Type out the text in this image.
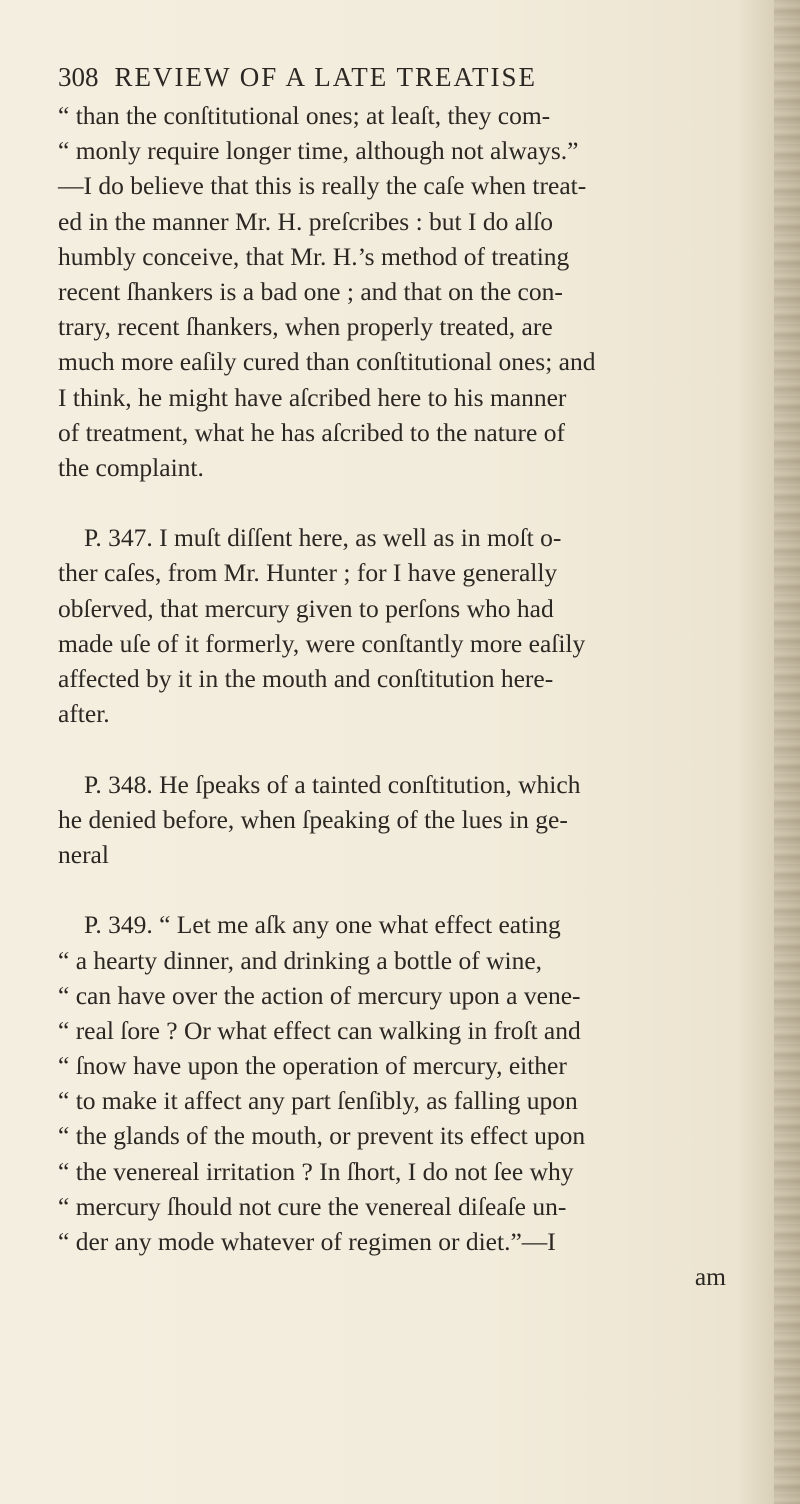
308 REVIEW OF A LATE TREATISE
“ than the conſtitutional ones; at leaſt, they com-
“ monly require longer time, although not always.”
—I do believe that this is really the caſe when treat-
ed in the manner Mr. H. preſcribes : but I do alſo
humbly conceive, that Mr. H.’s method of treating
recent ſhankers is a bad one ; and that on the con-
trary, recent ſhankers, when properly treated, are
much more eaſily cured than conſtitutional ones; and
I think, he might have aſcribed here to his manner
of treatment, what he has aſcribed to the nature of
the complaint.
P. 347. I muſt diſſent here, as well as in moſt o-
ther caſes, from Mr. Hunter ; for I have generally
obſerved, that mercury given to perſons who had
made uſe of it formerly, were conſtantly more eaſily
affected by it in the mouth and conſtitution here-
after.
P. 348. He ſpeaks of a tainted conſtitution, which
he denied before, when ſpeaking of the lues in ge-
neral
P. 349. “ Let me aſk any one what effect eating
“ a hearty dinner, and drinking a bottle of wine,
“ can have over the action of mercury upon a vene-
“ real ſore ? Or what effect can walking in froſt and
“ ſnow have upon the operation of mercury, either
“ to make it affect any part ſenſibly, as falling upon
“ the glands of the mouth, or prevent its effect upon
“ the venereal irritation ? In ſhort, I do not ſee why
“ mercury ſhould not cure the venereal diſeaſe un-
“ der any mode whatever of regimen or diet.”—I
am
